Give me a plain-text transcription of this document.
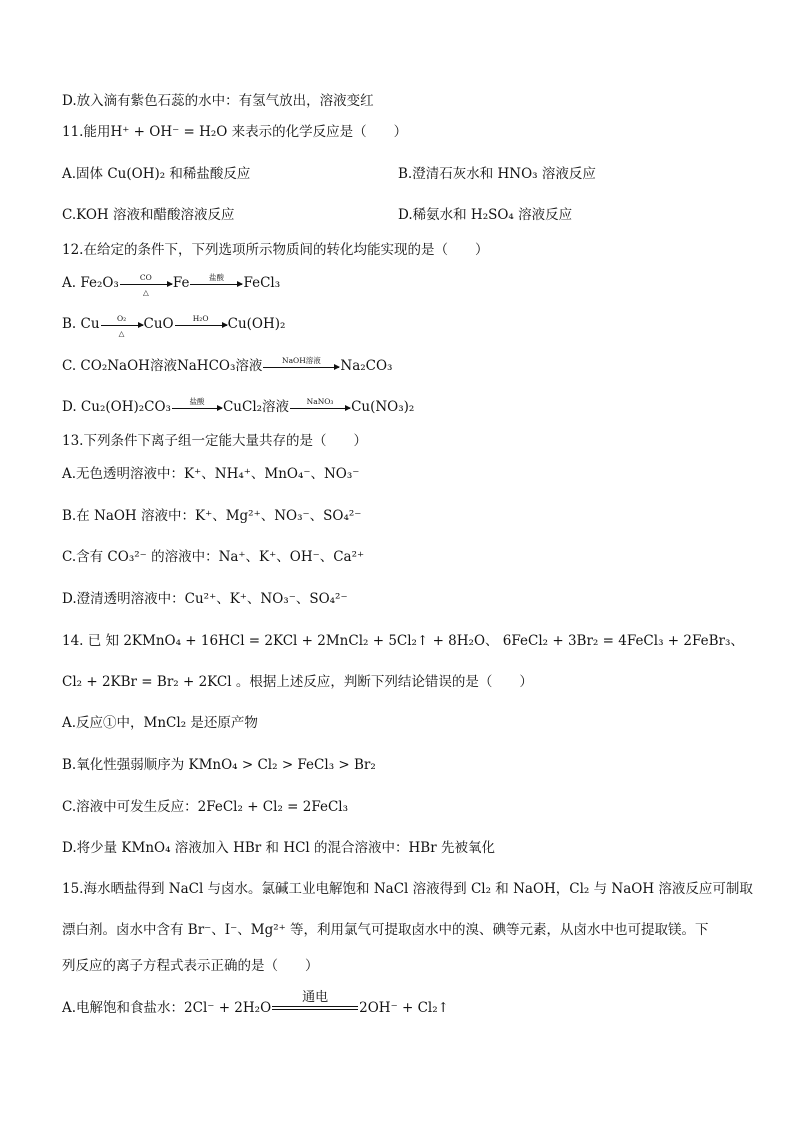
D.放入滴有紫色石蕊的水中：有氢气放出，溶液变红
11.能用H⁺ + OH⁻ = H₂O 来表示的化学反应是（　　）
A.固体 Cu(OH)₂ 和稀盐酸反应	B.澄清石灰水和 HNO₃ 溶液反应
C.KOH 溶液和醋酸溶液反应	D.稀氨水和 H₂SO₄ 溶液反应
12.在给定的条件下，下列选项所示物质间的转化均能实现的是（　　）
A. Fe₂O₃	CO
△
Fe	盐酸	FeCl₃
B. Cu	O₂
△
CuO	H₂O	Cu(OH)₂
C. CO₂NaOH溶液NaHCO₃溶液	NaOH溶液	Na₂CO₃
D. Cu₂(OH)₂CO₃	盐酸	CuCl₂溶液	NaNO₃	Cu(NO₃)₂
13.下列条件下离子组一定能大量共存的是（　　）
A.无色透明溶液中：K⁺、NH₄⁺、MnO₄⁻、NO₃⁻
B.在 NaOH 溶液中：K⁺、Mg²⁺、NO₃⁻、SO₄²⁻
C.含有 CO₃²⁻ 的溶液中：Na⁺、K⁺、OH⁻、Ca²⁺
D.澄清透明溶液中：Cu²⁺、K⁺、NO₃⁻、SO₄²⁻
14. 已 知 2KMnO₄ + 16HCl = 2KCl + 2MnCl₂ + 5Cl₂↑ + 8H₂O、 6FeCl₂ + 3Br₂ = 4FeCl₃ + 2FeBr₃、
Cl₂ + 2KBr = Br₂ + 2KCl 。根据上述反应，判断下列结论错误的是（　　）
A.反应①中，MnCl₂ 是还原产物
B.氧化性强弱顺序为 KMnO₄ > Cl₂ > FeCl₃ > Br₂
C.溶液中可发生反应：2FeCl₂ + Cl₂ = 2FeCl₃
D.将少量 KMnO₄ 溶液加入 HBr 和 HCl 的混合溶液中：HBr 先被氧化
15.海水晒盐得到 NaCl 与卤水。氯碱工业电解饱和 NaCl 溶液得到 Cl₂ 和 NaOH，Cl₂ 与 NaOH 溶液反应可制取
漂白剂。卤水中含有 Br⁻、I⁻、Mg²⁺ 等，利用氯气可提取卤水中的溴、碘等元素，从卤水中也可提取镁。下
列反应的离子方程式表示正确的是（　　）
A.电解饱和食盐水：2Cl⁻ + 2H₂O
通电
2OH⁻ + Cl₂↑
